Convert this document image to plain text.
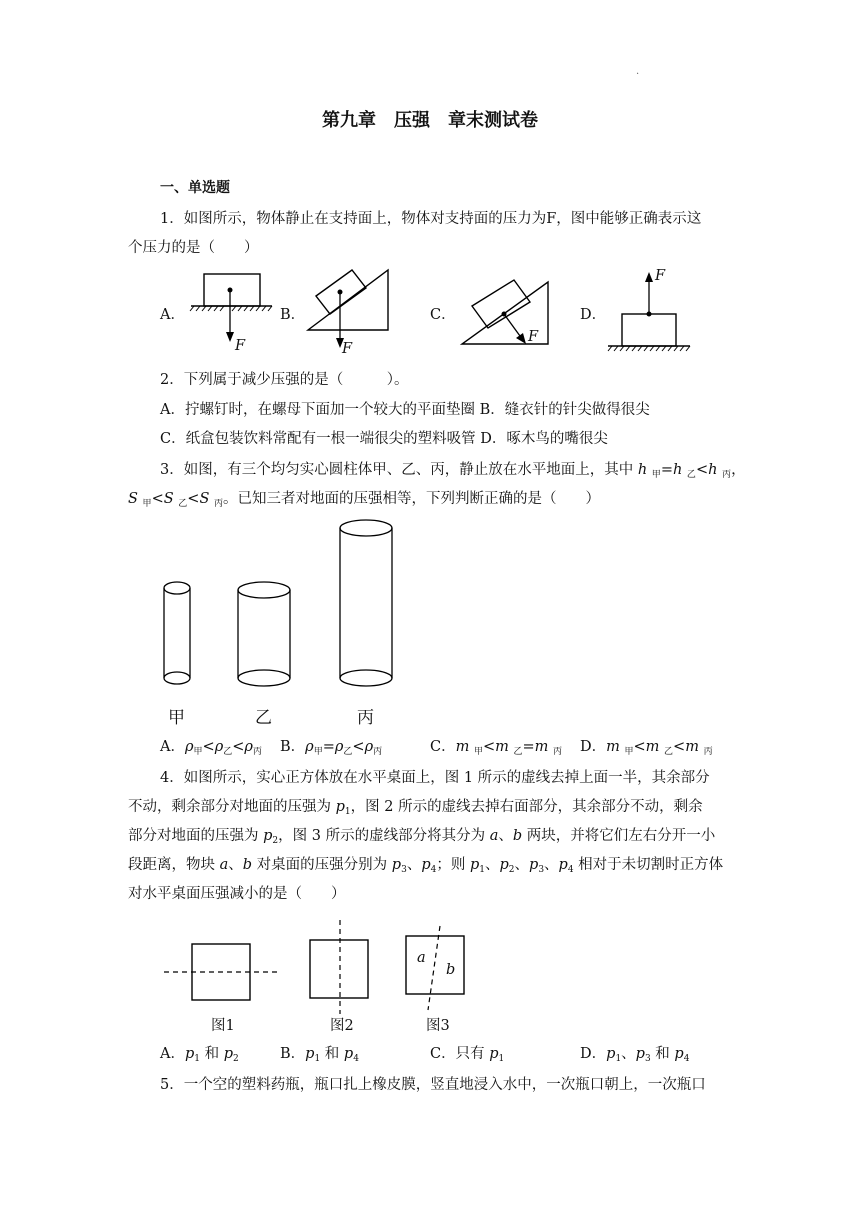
.
第九章　压强　章末测试卷
一、单选题
1．如图所示，物体静止在支持面上，物体对支持面的压力为F，图中能够正确表示这
个压力的是（　　）
A．
F
B．
F
C．
F
D．
F
2．下列属于减少压强的是（　　　）。
A．拧螺钉时，在螺母下面加一个较大的平面垫圈 B．缝衣针的针尖做得很尖
C．纸盒包装饮料常配有一根一端很尖的塑料吸管 D．啄木鸟的嘴很尖
3．如图，有三个均匀实心圆柱体甲、乙、丙，静止放在水平地面上，其中 h $_甲$=h $_乙$<h $_丙$，
S $_甲$<S $_乙$<S $_丙$。已知三者对地面的压强相等，下列判断正确的是（　　）
甲	乙	丙
A．$\rho_甲<\rho_乙<\rho_丙$ B．$\rho_甲=\rho_乙<\rho_丙$	C．m $_甲$<m $_乙$=m $_丙$ D．m $_甲$<m $_乙$<m $_丙$
4．如图所示，实心正方体放在水平桌面上，图 1 所示的虚线去掉上面一半，其余部分
不动，剩余部分对地面的压强为 $p_1$，图 2 所示的虚线去掉右面部分，其余部分不动，剩余
部分对地面的压强为 $p_2$，图 3 所示的虚线部分将其分为 a、b 两块，并将它们左右分开一小
段距离，物块 a、b 对桌面的压强分别为 $p_3$、$p_4$；则 $p_1$、$p_2$、$p_3$、$p_4$ 相对于未切割时正方体
对水平桌面压强减小的是（　　）
a
b
图1	图2	图3
A．$p_1$ 和 $p_2$	B．$p_1$ 和 $p_4$	C．只有 $p_1$	D．$p_1$、$p_3$ 和 $p_4$
5．一个空的塑料药瓶，瓶口扎上橡皮膜，竖直地浸入水中，一次瓶口朝上，一次瓶口
